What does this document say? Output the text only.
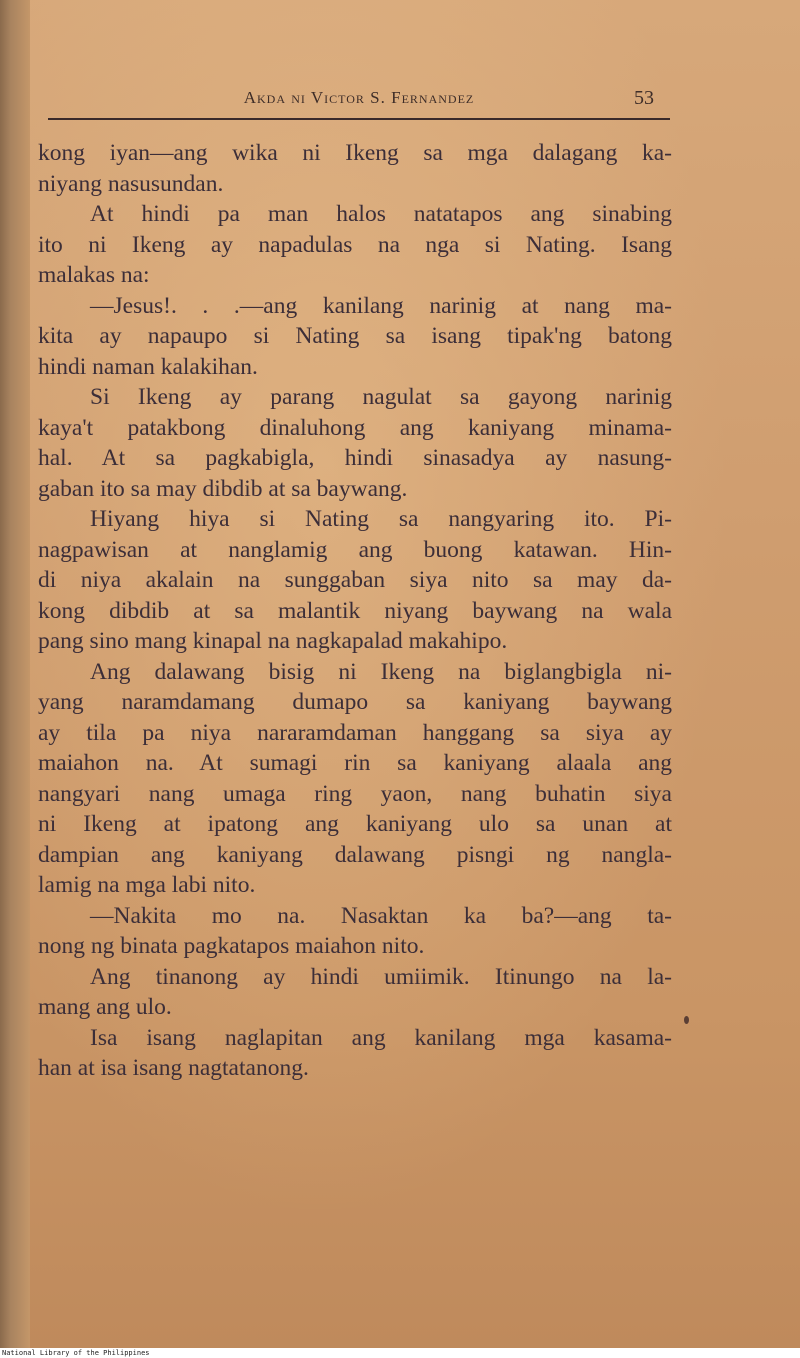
Akda ni Victor S. Fernandez	53
kong iyan—ang wika ni Ikeng sa mga dalagang ka-
niyang nasusundan.
At hindi pa man halos natatapos ang sinabing
ito ni Ikeng ay napadulas na nga si Nating. Isang
malakas na:
—Jesus!. . .—ang kanilang narinig at nang ma-
kita ay napaupo si Nating sa isang tipak'ng batong
hindi naman kalakihan.
Si Ikeng ay parang nagulat sa gayong narinig
kaya't patakbong dinaluhong ang kaniyang minama-
hal. At sa pagkabigla, hindi sinasadya ay nasung-
gaban ito sa may dibdib at sa baywang.
Hiyang hiya si Nating sa nangyaring ito. Pi-
nagpawisan at nanglamig ang buong katawan. Hin-
di niya akalain na sunggaban siya nito sa may da-
kong dibdib at sa malantik niyang baywang na wala
pang sino mang kinapal na nagkapalad makahipo.
Ang dalawang bisig ni Ikeng na biglangbigla ni-
yang naramdamang dumapo sa kaniyang baywang
ay tila pa niya nararamdaman hanggang sa siya ay
maiahon na. At sumagi rin sa kaniyang alaala ang
nangyari nang umaga ring yaon, nang buhatin siya
ni Ikeng at ipatong ang kaniyang ulo sa unan at
dampian ang kaniyang dalawang pisngi ng nangla-
lamig na mga labi nito.
—Nakita mo na. Nasaktan ka ba?—ang ta-
nong ng binata pagkatapos maiahon nito.
Ang tinanong ay hindi umiimik. Itinungo na la-
mang ang ulo.
Isa isang naglapitan ang kanilang mga kasama-
han at isa isang nagtatanong.
National Library of the Philippines
